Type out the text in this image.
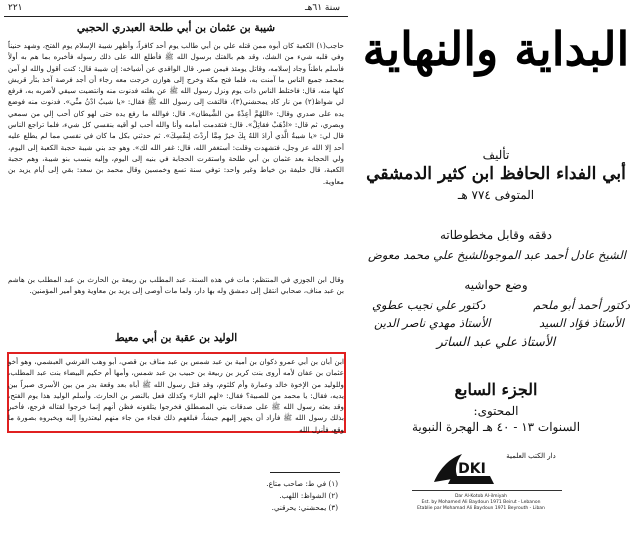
٢٢١	سنة ٦١هـ
شيبة بن عثمان بن أبي طلحة العبدري الحجبي

حاجب(١) الكعبة كان أبوه ممن قتله علي بن أبي طالب يوم أحد كافراً، وأظهر شيبة الإسلام يوم الفتح، وشهد حنيناً وفي قلبه شيء من الشك، وقد هم بالفتك برسول الله ﷺ فأطلع الله على ذلك رسوله فأخبره بما هم به أولاً فأسلم باطناً وجاد إسلامه، وقاتل يومئذ فيمن صبر. قال الواقدي عن أشياخه: إن شيبة قال: كنت أقول والله لو آمن بمحمد جميع الناس ما آمنت به، فلما فتح مكة وخرج إلى هوازن خرجت معه رجاء أن أجد فرصة آخذ بثأر قريش كلها منه، قال: فاختلط الناس ذات يوم ونزل رسول الله ﷺ عن بغلته فدنوت منه وانتضيت سيفي لأضربه به، فرفع لي شواظ(٢) من نار كاد يمحشني(٣)، فالتفت إلى رسول الله ﷺ فقال: «يا شيبُ ادْنُ منِّي». فدنوت منه فوضع يده على صدري وقال: «اللهُمَّ أعِذْهُ من الشَّيطان». قال: فوالله ما رفع يده حتى لهو كان أحب إلي من سمعي وبصري، ثم قال: «اذْهَبْ فقاتِلْ». قال: فتقدمت أمامه وأنا والله أحب لو أقيه بنفسي كل شيء، فلما تراجع الناس قال لي: «يا شيبةُ الَّذي أرادَ اللهُ بِكَ خيرٌ مِمَّا أردْتَ لِنفْسِكَ». ثم حدثني بكل ما كان في نفسي مما لم يطلع عليه أحد إلا الله عز وجل، فتشهدت وقلت: أستغفر الله، قال: غفر الله لك». وهو جد بني شيبة حجبة الكعبة إلى اليوم، ولي الحجابة بعد عثمان بن أبي طلحة واستقرت الحجابة في بنيه إلى اليوم، وإليه ينسب بنو شيبة، وهم حجبة الكعبة، قال خليفة بن خياط وغير واحد: توفي سنة تسع وخمسين وقال محمد بن سعد: بقي إلى أيام يزيد بن معاوية.

وقال ابن الجوزي في المنتظم: مات في هذه السنة. عبد المطلب بن ربيعة بن الحارث بن عبد المطلب بن هاشم بن عبد مناف، صحابي انتقل إلى دمشق وله بها دار، ولما مات أوصى إلى يزيد بن معاوية وهو أمير المؤمنين.

الوليد بن عقبة بن أبي معيط

ابن أبان بن أبي عمرو ذكوان بن أمية بن عبد شمس بن عبد مناف بن قصي، أبو وهب القرشي العبشمي، وهو أخو عثمان بن عفان لأمه أروى بنت كريز بن ربيعة بن حبيب بن عبد شمس، وأمها أم حكيم البيضاء بنت عبد المطلب، وللوليد من الإخوة خالد وعمارة وأم كلثوم، وقد قتل رسول الله ﷺ أباه بعد وقعة بدر من بين الأسرى صبراً بين يديه، فقال: يا محمد من للصبية؟ فقال: «لهم النار» وكذلك فعل بالنضر بن الحارث. وأسلم الوليد هذا يوم الفتح، وقد بعثه رسول الله ﷺ على صدقات بني المصطلق فخرجوا يتلقونه فظن أنهم إنما خرجوا لقتاله فرجع، فأخبر بذلك رسول الله ﷺ فأراد أن يجهز إليهم جيشاً، فبلغهم ذلك فجاء من جاء منهم ليعتذروا إليه ويخبروه بصورة ما وقع، فأنزل الله

(١) في ط: صاحب متاع.
(٢) الشواظ: اللهب.
(٣) يمحشني: يحرقني.
البداية والنهاية
تأليف
أبي الفداء الحافظ ابن كثير الدمشقي
المتوفى ٧٧٤ هـ
دققه وقابل مخطوطاته
الشيخ عادل أحمد عبد الموجود
الشيخ علي محمد معوض
وضع حواشيه
دكتور أحمد أبو ملحم
دكتور علي نجيب عطوي
الأستاذ فؤاد السيد
الأستاذ مهدي ناصر الدين
الأستاذ علي عبد الساتر
الجزء السابع
المحتوى:
السنوات ١٣ - ٤٠ هـ الهجرة النبوية
DKI
دار الكتب العلمية
Dar Al-Kotob Al-ilmiyah
Est. by Mohamed Ali Baydoun 1971 Beirut - Lebanon
Etablie par Mohamad Ali Baydoun 1971 Beyrouth - Liban
